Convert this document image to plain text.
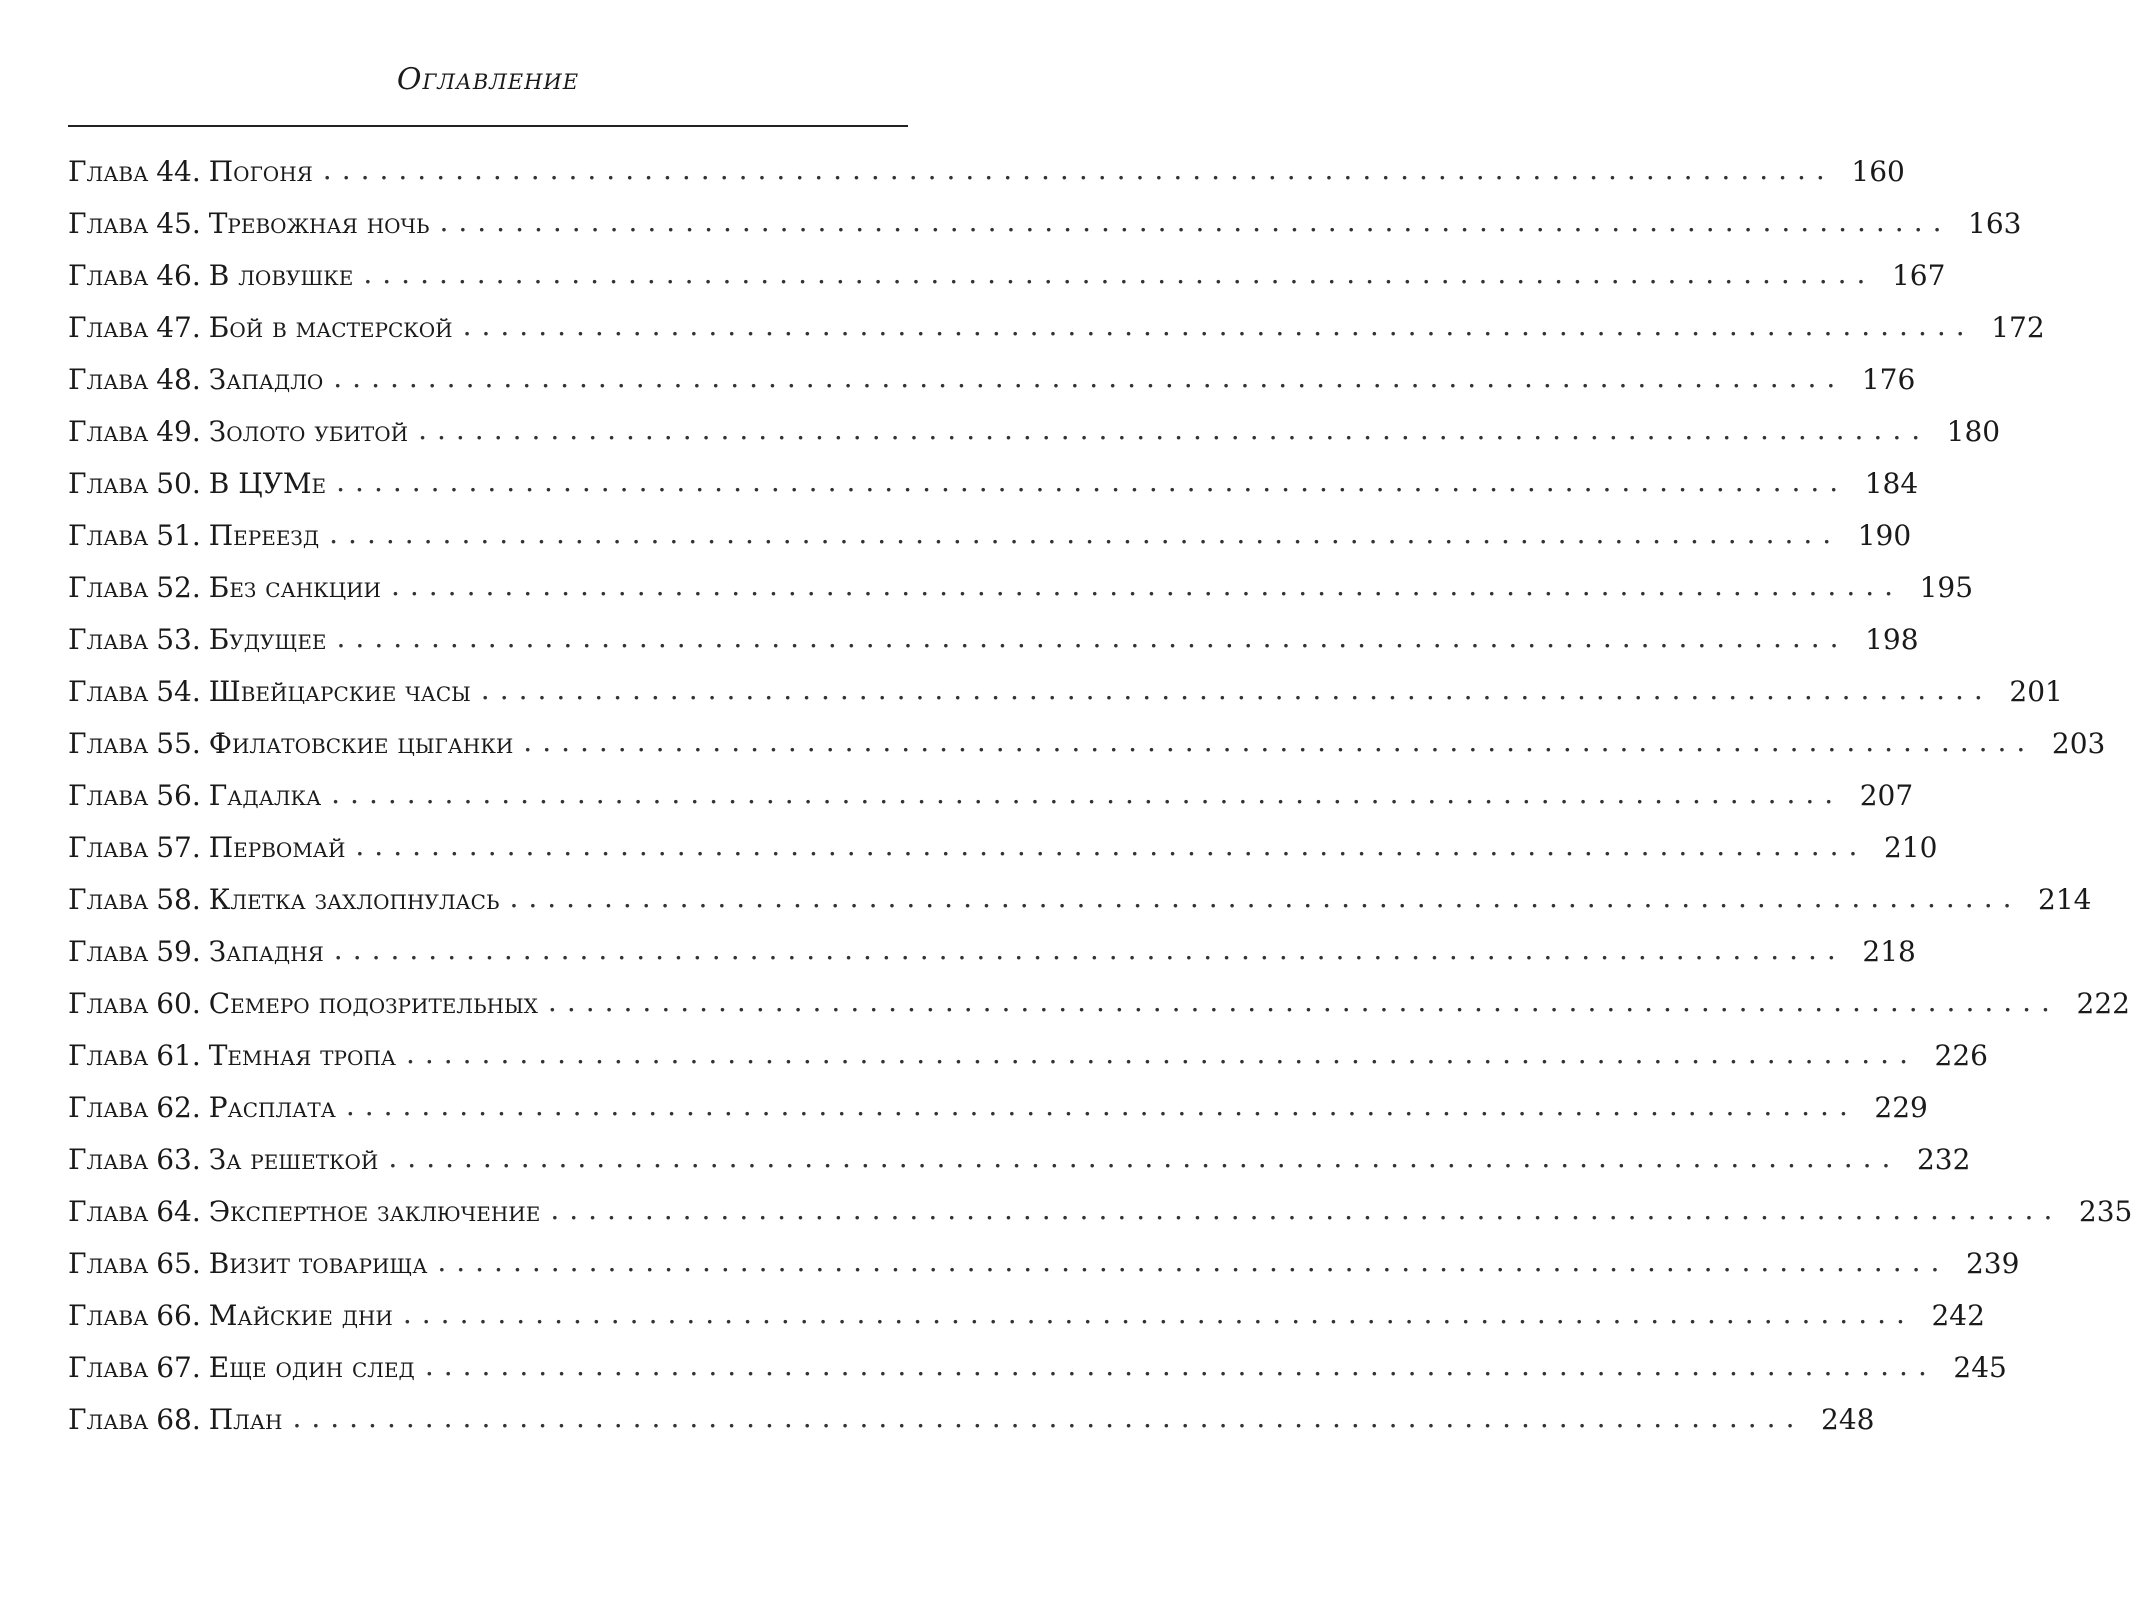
Оглавление
Глава 44. Погоня ................................................................................ 160
Глава 45. Тревожная ночь ................................................................................ 163
Глава 46. В ловушке ................................................................................ 167
Глава 47. Бой в мастерской ................................................................................ 172
Глава 48. Западло ................................................................................ 176
Глава 49. Золото убитой ................................................................................ 180
Глава 50. В ЦУМе ................................................................................ 184
Глава 51. Переезд ................................................................................ 190
Глава 52. Без санкции ................................................................................ 195
Глава 53. Будущее ................................................................................ 198
Глава 54. Швейцарские часы ................................................................................ 201
Глава 55. Филатовские цыганки ................................................................................ 203
Глава 56. Гадалка ................................................................................ 207
Глава 57. Первомай ................................................................................ 210
Глава 58. Клетка захлопнулась ................................................................................ 214
Глава 59. Западня ................................................................................ 218
Глава 60. Семеро подозрительных ................................................................................ 222
Глава 61. Темная тропа ................................................................................ 226
Глава 62. Расплата ................................................................................ 229
Глава 63. За решеткой ................................................................................ 232
Глава 64. Экспертное заключение ................................................................................ 235
Глава 65. Визит товарища ................................................................................ 239
Глава 66. Майские дни ................................................................................ 242
Глава 67. Еще один след ................................................................................ 245
Глава 68. План ................................................................................ 248
